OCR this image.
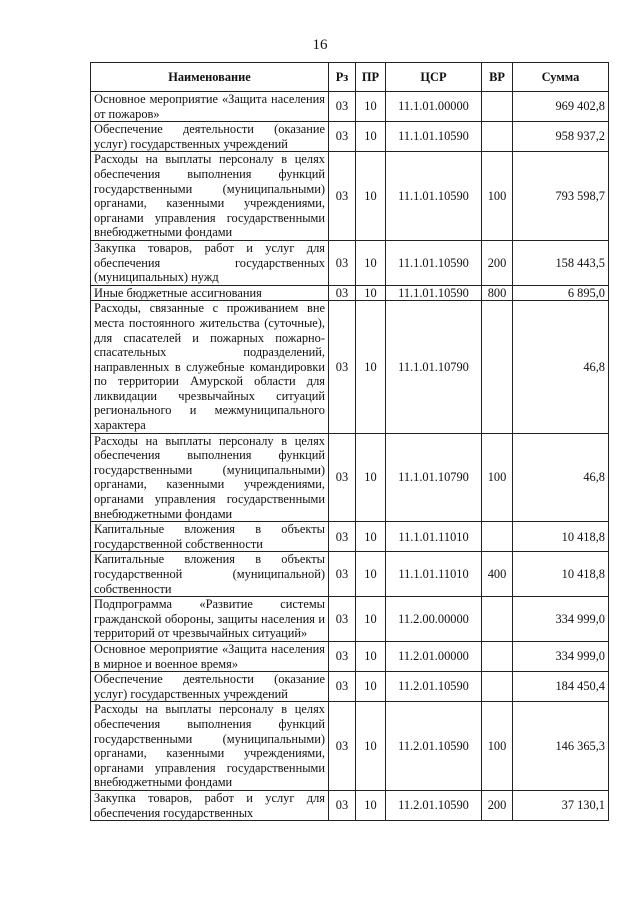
16
Наименование	Рз	ПР	ЦСР	ВР	Сумма
Основное мероприятие «Защита населения от пожаров»	03	10	11.1.01.00000		969 402,8
Обеспечение деятельности (оказание услуг) государственных учреждений	03	10	11.1.01.10590		958 937,2
Расходы на выплаты персоналу в целях обеспечения выполнения функций государственными (муниципальными) органами, казенными учреждениями, органами управления государственными внебюджетными фондами	03	10	11.1.01.10590	100	793 598,7
Закупка товаров, работ и услуг для обеспечения государственных (муниципальных) нужд	03	10	11.1.01.10590	200	158 443,5
Иные бюджетные ассигнования	03	10	11.1.01.10590	800	6 895,0
Расходы, связанные с проживанием вне места постоянного жительства (суточные), для спасателей и пожарных пожарно-спасательных подразделений, направленных в служебные командировки по территории Амурской области для ликвидации чрезвычайных ситуаций регионального и межмуниципального характера	03	10	11.1.01.10790		46,8
Расходы на выплаты персоналу в целях обеспечения выполнения функций государственными (муниципальными) органами, казенными учреждениями, органами управления государственными внебюджетными фондами	03	10	11.1.01.10790	100	46,8
Капитальные вложения в объекты государственной собственности	03	10	11.1.01.11010		10 418,8
Капитальные вложения в объекты государственной (муниципальной) собственности	03	10	11.1.01.11010	400	10 418,8
Подпрограмма «Развитие системы гражданской обороны, защиты населения и территорий от чрезвычайных ситуаций»	03	10	11.2.00.00000		334 999,0
Основное мероприятие «Защита населения в мирное и военное время»	03	10	11.2.01.00000		334 999,0
Обеспечение деятельности (оказание услуг) государственных учреждений	03	10	11.2.01.10590		184 450,4
Расходы на выплаты персоналу в целях обеспечения выполнения функций государственными (муниципальными) органами, казенными учреждениями, органами управления государственными внебюджетными фондами	03	10	11.2.01.10590	100	146 365,3
Закупка товаров, работ и услуг для обеспечения государственных	03	10	11.2.01.10590	200	37 130,1
